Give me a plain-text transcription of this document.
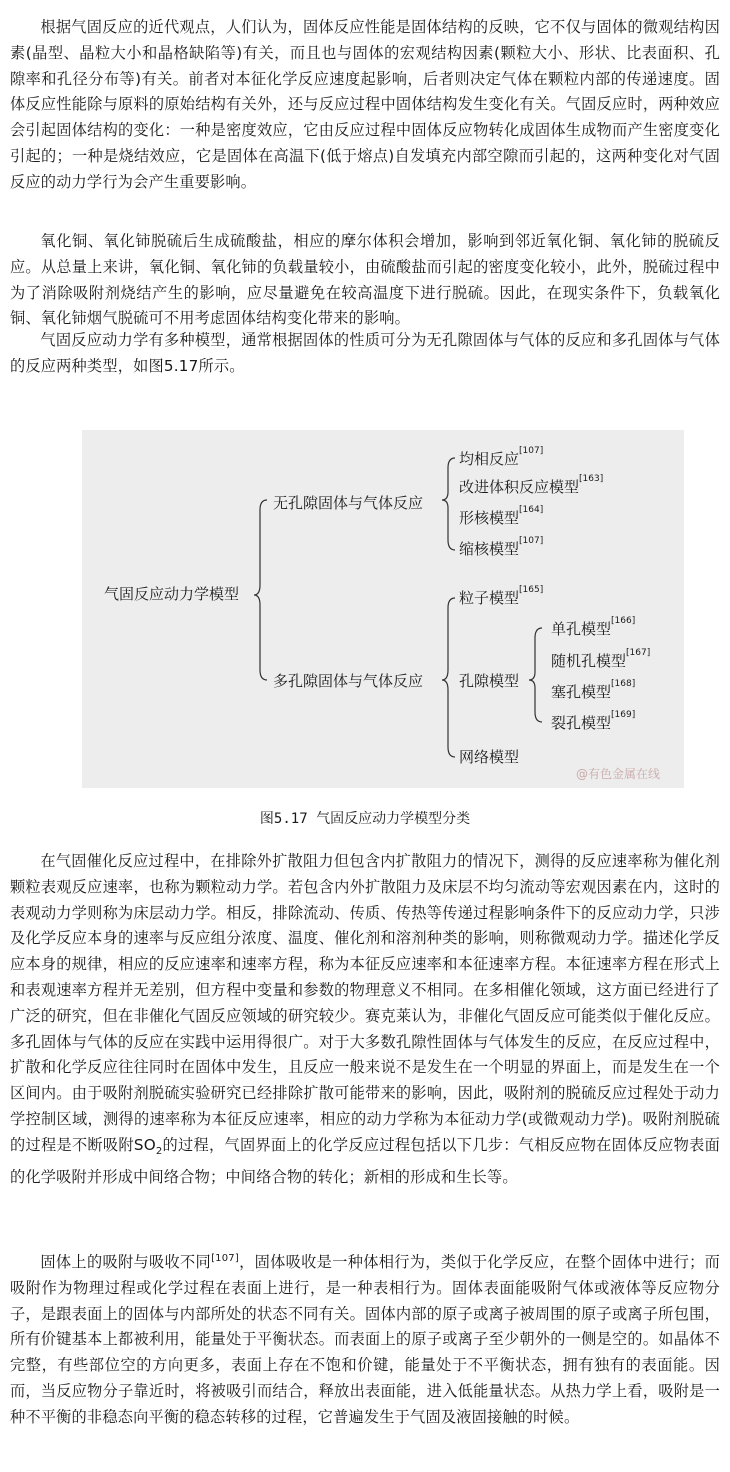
根据气固反应的近代观点，人们认为，固体反应性能是固体结构的反映，它不仅与固体的微观结构因素(晶型、晶粒大小和晶格缺陷等)有关，而且也与固体的宏观结构因素(颗粒大小、形状、比表面积、孔隙率和孔径分布等)有关。前者对本征化学反应速度起影响，后者则决定气体在颗粒内部的传递速度。固体反应性能除与原料的原始结构有关外，还与反应过程中固体结构发生变化有关。气固反应时，两种效应会引起固体结构的变化：一种是密度效应，它由反应过程中固体反应物转化成固体生成物而产生密度变化引起的；一种是烧结效应，它是固体在高温下(低于熔点)自发填充内部空隙而引起的，这两种变化对气固反应的动力学行为会产生重要影响。

氧化铜、氧化铈脱硫后生成硫酸盐，相应的摩尔体积会增加，影响到邻近氧化铜、氧化铈的脱硫反应。从总量上来讲，氧化铜、氧化铈的负载量较小，由硫酸盐而引起的密度变化较小，此外，脱硫过程中为了消除吸附剂烧结产生的影响，应尽量避免在较高温度下进行脱硫。因此，在现实条件下，负载氧化铜、氧化铈烟气脱硫可不用考虑固体结构变化带来的影响。

气固反应动力学有多种模型，通常根据固体的性质可分为无孔隙固体与气体的反应和多孔固体与气体的反应两种类型，如图5.17所示。

气固反应动力学模型
无孔隙固体与气体反应
均相反应[107]
改进体积反应模型[163]
形核模型[164]
缩核模型[107]
多孔隙固体与气体反应
粒子模型[165]
孔隙模型
单孔模型[166]
随机孔模型[167]
塞孔模型[168]
裂孔模型[169]
网络模型
@有色金属在线
图5.17 气固反应动力学模型分类

在气固催化反应过程中，在排除外扩散阻力但包含内扩散阻力的情况下，测得的反应速率称为催化剂颗粒表观反应速率，也称为颗粒动力学。若包含内外扩散阻力及床层不均匀流动等宏观因素在内，这时的表观动力学则称为床层动力学。相反，排除流动、传质、传热等传递过程影响条件下的反应动力学，只涉及化学反应本身的速率与反应组分浓度、温度、催化剂和溶剂种类的影响，则称微观动力学。描述化学反应本身的规律，相应的反应速率和速率方程，称为本征反应速率和本征速率方程。本征速率方程在形式上和表观速率方程并无差别，但方程中变量和参数的物理意义不相同。在多相催化领域，这方面已经进行了广泛的研究，但在非催化气固反应领域的研究较少。赛克莱认为，非催化气固反应可能类似于催化反应。多孔固体与气体的反应在实践中运用得很广。对于大多数孔隙性固体与气体发生的反应，在反应过程中，扩散和化学反应往往同时在固体中发生，且反应一般来说不是发生在一个明显的界面上，而是发生在一个区间内。由于吸附剂脱硫实验研究已经排除扩散可能带来的影响，因此，吸附剂的脱硫反应过程处于动力学控制区域，测得的速率称为本征反应速率，相应的动力学称为本征动力学(或微观动力学)。吸附剂脱硫的过程是不断吸附$SO_2$的过程，气固界面上的化学反应过程包括以下几步：气相反应物在固体反应物表面的化学吸附并形成中间络合物；中间络合物的转化；新相的形成和生长等。

固体上的吸附与吸收不同[107]，固体吸收是一种体相行为，类似于化学反应，在整个固体中进行；而吸附作为物理过程或化学过程在表面上进行，是一种表相行为。固体表面能吸附气体或液体等反应物分子，是跟表面上的固体与内部所处的状态不同有关。固体内部的原子或离子被周围的原子或离子所包围，所有价键基本上都被利用，能量处于平衡状态。而表面上的原子或离子至少朝外的一侧是空的。如晶体不完整，有些部位空的方向更多，表面上存在不饱和价键，能量处于不平衡状态，拥有独有的表面能。因而，当反应物分子靠近时，将被吸引而结合，释放出表面能，进入低能量状态。从热力学上看，吸附是一种不平衡的非稳态向平衡的稳态转移的过程，它普遍发生于气固及液固接触的时候。
